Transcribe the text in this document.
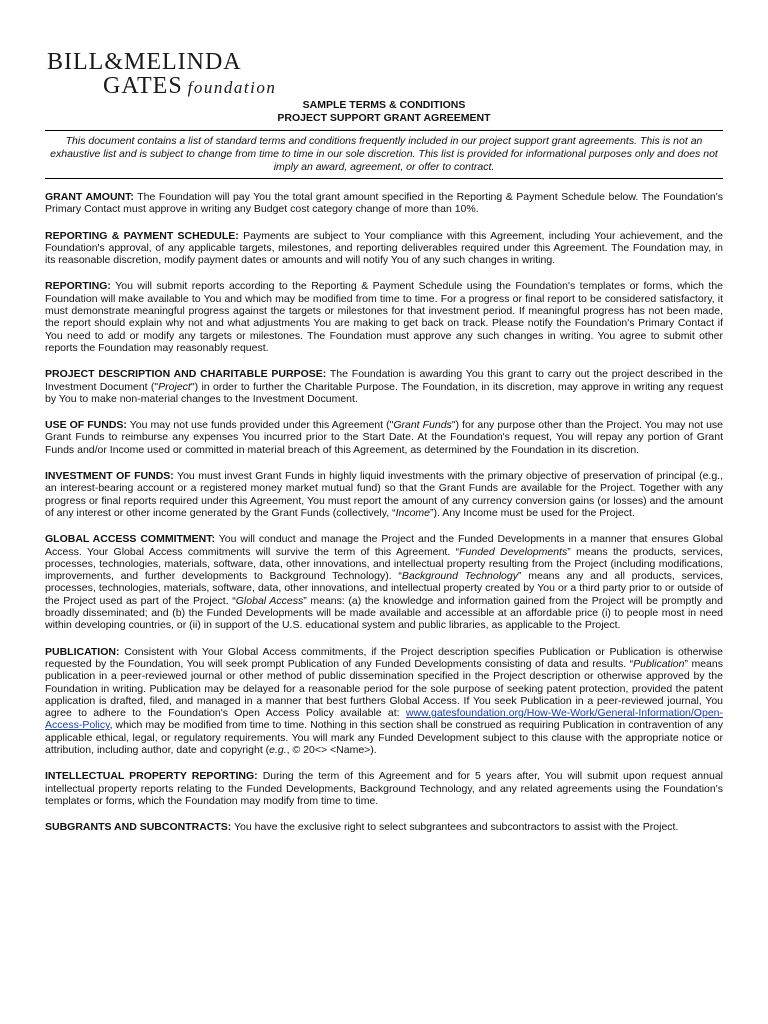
BILL&MELINDA
GATES foundation
SAMPLE TERMS & CONDITIONS
PROJECT SUPPORT GRANT AGREEMENT
This document contains a list of standard terms and conditions frequently included in our project support grant agreements. This is not an exhaustive list and is subject to change from time to time in our sole discretion. This list is provided for informational purposes only and does not imply an award, agreement, or offer to contract.

GRANT AMOUNT: The Foundation will pay You the total grant amount specified in the Reporting & Payment Schedule below. The Foundation's Primary Contact must approve in writing any Budget cost category change of more than 10%.

REPORTING & PAYMENT SCHEDULE: Payments are subject to Your compliance with this Agreement, including Your achievement, and the Foundation's approval, of any applicable targets, milestones, and reporting deliverables required under this Agreement. The Foundation may, in its reasonable discretion, modify payment dates or amounts and will notify You of any such changes in writing.

REPORTING: You will submit reports according to the Reporting & Payment Schedule using the Foundation's templates or forms, which the Foundation will make available to You and which may be modified from time to time. For a progress or final report to be considered satisfactory, it must demonstrate meaningful progress against the targets or milestones for that investment period. If meaningful progress has not been made, the report should explain why not and what adjustments You are making to get back on track. Please notify the Foundation's Primary Contact if You need to add or modify any targets or milestones. The Foundation must approve any such changes in writing. You agree to submit other reports the Foundation may reasonably request.

PROJECT DESCRIPTION AND CHARITABLE PURPOSE: The Foundation is awarding You this grant to carry out the project described in the Investment Document ("Project") in order to further the Charitable Purpose. The Foundation, in its discretion, may approve in writing any request by You to make non-material changes to the Investment Document.

USE OF FUNDS: You may not use funds provided under this Agreement ("Grant Funds") for any purpose other than the Project. You may not use Grant Funds to reimburse any expenses You incurred prior to the Start Date. At the Foundation's request, You will repay any portion of Grant Funds and/or Income used or committed in material breach of this Agreement, as determined by the Foundation in its discretion.

INVESTMENT OF FUNDS: You must invest Grant Funds in highly liquid investments with the primary objective of preservation of principal (e.g., an interest-bearing account or a registered money market mutual fund) so that the Grant Funds are available for the Project. Together with any progress or final reports required under this Agreement, You must report the amount of any currency conversion gains (or losses) and the amount of any interest or other income generated by the Grant Funds (collectively, “Income”). Any Income must be used for the Project.

GLOBAL ACCESS COMMITMENT: You will conduct and manage the Project and the Funded Developments in a manner that ensures Global Access. Your Global Access commitments will survive the term of this Agreement. “Funded Developments” means the products, services, processes, technologies, materials, software, data, other innovations, and intellectual property resulting from the Project (including modifications, improvements, and further developments to Background Technology). “Background Technology” means any and all products, services, processes, technologies, materials, software, data, other innovations, and intellectual property created by You or a third party prior to or outside of the Project used as part of the Project. “Global Access” means: (a) the knowledge and information gained from the Project will be promptly and broadly disseminated; and (b) the Funded Developments will be made available and accessible at an affordable price (i) to people most in need within developing countries, or (ii) in support of the U.S. educational system and public libraries, as applicable to the Project.

PUBLICATION: Consistent with Your Global Access commitments, if the Project description specifies Publication or Publication is otherwise requested by the Foundation, You will seek prompt Publication of any Funded Developments consisting of data and results. “Publication” means publication in a peer-reviewed journal or other method of public dissemination specified in the Project description or otherwise approved by the Foundation in writing. Publication may be delayed for a reasonable period for the sole purpose of seeking patent protection, provided the patent application is drafted, filed, and managed in a manner that best furthers Global Access. If You seek Publication in a peer-reviewed journal, You agree to adhere to the Foundation's Open Access Policy available at: www.gatesfoundation.org/How-We-Work/General-Information/Open-Access-Policy, which may be modified from time to time. Nothing in this section shall be construed as requiring Publication in contravention of any applicable ethical, legal, or regulatory requirements. You will mark any Funded Development subject to this clause with the appropriate notice or attribution, including author, date and copyright (e.g., © 20<> <Name>).

INTELLECTUAL PROPERTY REPORTING: During the term of this Agreement and for 5 years after, You will submit upon request annual intellectual property reports relating to the Funded Developments, Background Technology, and any related agreements using the Foundation's templates or forms, which the Foundation may modify from time to time.

SUBGRANTS AND SUBCONTRACTS: You have the exclusive right to select subgrantees and subcontractors to assist with the Project.
